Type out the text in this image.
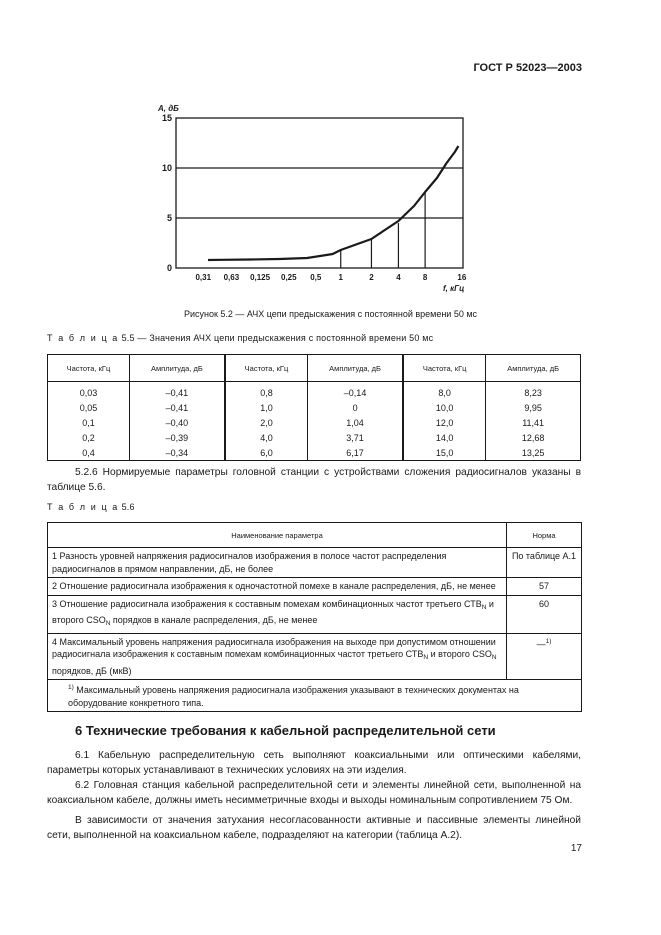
ГОСТ Р 52023—2003
0
5
10
15
0,31 0,63 0,125 0,25 0,5 1	2	4	8	16
A, дБ
f, кГц
Рисунок 5.2 — АЧХ цепи предыскажения с постоянной времени 50 мс
Т а б л и ц а 5.5 — Значения АЧХ цепи предыскажения с постоянной времени 50 мс
Частота, кГц	Амплитуда, дБ	Частота, кГц	Амплитуда, дБ	Частота, кГц	Амплитуда, дБ
0,03	–0,41	0,8	–0,14	8,0	8,23
0,05	–0,41	1,0	0	10,0	9,95
0,1	–0,40	2,0	1,04	12,0	11,41
0,2	–0,39	4,0	3,71	14,0	12,68
0,4	–0,34	6,0	6,17	15,0	13,25
5.2.6 Нормируемые параметры головной станции с устройствами сложения радиосигналов указаны в таблице 5.6.
Т а б л и ц а 5.6
Наименование параметра	Норма
1 Разность уровней напряжения радиосигналов изображения в полосе частот распределения радиосигналов в прямом направлении, дБ, не более	По таблице А.1
2 Отношение радиосигнала изображения к одночастотной помехе в канале распределения, дБ, не менее	57
3 Отношение радиосигнала изображения к составным помехам комбинационных частот третьего $СТВ_N$ и второго $CSO_N$ порядков в канале распределения, дБ, не менее	60
4 Максимальный уровень напряжения радиосигнала изображения на выходе при допустимом отношении радиосигнала изображения к составным помехам комбинационных частот третьего $СТВ_N$ и второго $CSO_N$ порядков, дБ (мкВ)	—$^{1)}$
$^{1)}$ Максимальный уровень напряжения радиосигнала изображения указывают в технических документах на оборудование конкретного типа.	
6 Технические требования к кабельной распределительной сети
6.1 Кабельную распределительную сеть выполняют коаксиальными или оптическими кабелями, параметры которых устанавливают в технических условиях на эти изделия.
6.2 Головная станция кабельной распределительной сети и элементы линейной сети, выполненной на коаксиальном кабеле, должны иметь несимметричные входы и выходы номинальным сопротивлением 75 Ом.
В зависимости от значения затухания несогласованности активные и пассивные элементы линейной сети, выполненной на коаксиальном кабеле, подразделяют на категории (таблица А.2).
17
